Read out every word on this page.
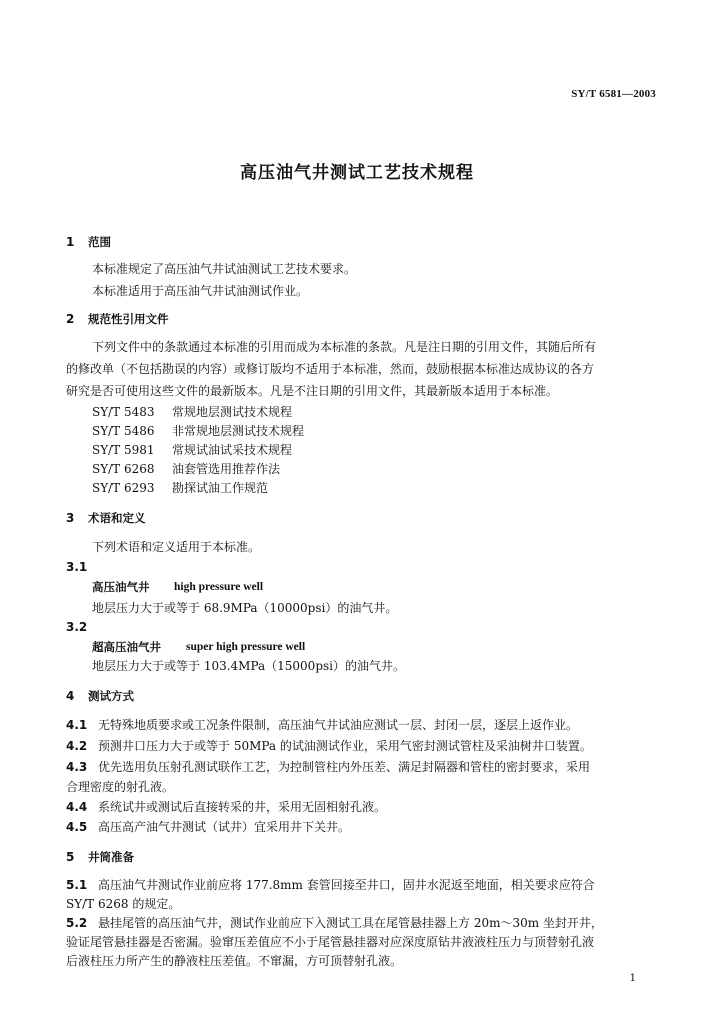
SY/T 6581—2003
高压油气井测试工艺技术规程
1 范围
本标准规定了高压油气井试油测试工艺技术要求。
本标准适用于高压油气井试油测试作业。
2 规范性引用文件
下列文件中的条款通过本标准的引用而成为本标准的条款。凡是注日期的引用文件，其随后所有
的修改单（不包括勘误的内容）或修订版均不适用于本标准，然而，鼓励根据本标准达成协议的各方
研究是否可使用这些文件的最新版本。凡是不注日期的引用文件，其最新版本适用于本标准。
SY/T 5483 常规地层测试技术规程
SY/T 5486 非常规地层测试技术规程
SY/T 5981 常规试油试采技术规程
SY/T 6268 油套管选用推荐作法
SY/T 6293 勘探试油工作规范
3 术语和定义
下列术语和定义适用于本标准。
3.1
高压油气井 high pressure well
地层压力大于或等于 68.9MPa（10000psi）的油气井。
3.2
超高压油气井 super high pressure well
地层压力大于或等于 103.4MPa（15000psi）的油气井。
4 测试方式
4.1 无特殊地质要求或工况条件限制，高压油气井试油应测试一层、封闭一层，逐层上返作业。
4.2 预测井口压力大于或等于 50MPa 的试油测试作业，采用气密封测试管柱及采油树井口装置。
4.3 优先选用负压射孔测试联作工艺，为控制管柱内外压差、满足封隔器和管柱的密封要求，采用
合理密度的射孔液。
4.4 系统试井或测试后直接转采的井，采用无固相射孔液。
4.5 高压高产油气井测试（试井）宜采用井下关井。
5 井筒准备
5.1 高压油气井测试作业前应将 177.8mm 套管回接至井口，固井水泥返至地面，相关要求应符合
SY/T 6268 的规定。
5.2 悬挂尾管的高压油气井，测试作业前应下入测试工具在尾管悬挂器上方 20m～30m 坐封开井，
验证尾管悬挂器是否密漏。验窜压差值应不小于尾管悬挂器对应深度原钻井液液柱压力与顶替射孔液
后液柱压力所产生的静液柱压差值。不窜漏，方可顶替射孔液。
1
